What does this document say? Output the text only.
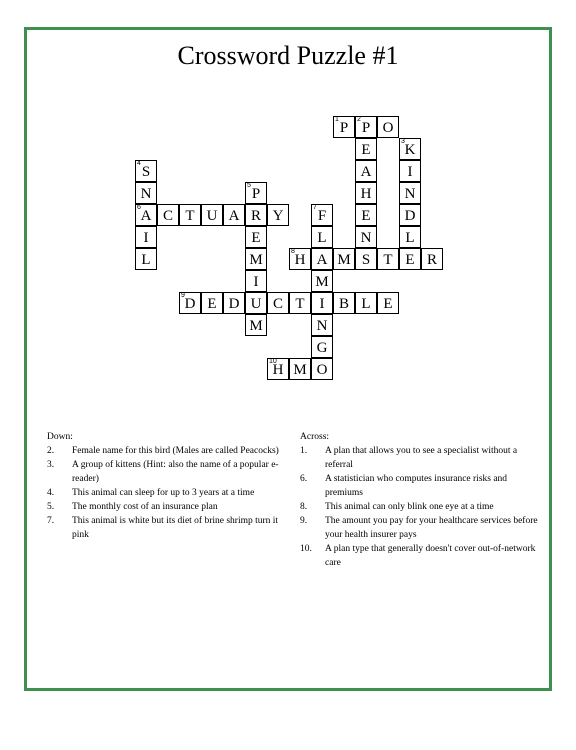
Crossword Puzzle #1
1
P
2
P O
E
A
H
E
N
3
K
I
N
D
L
4
S
N
I
L
6
A C T U A R Y
5
P
E
M
I
U
M
7
F
L
M
I
N
G
O
8
H A M S T E R
9
D E D	C T	B L E
10
H M
Down:
2. Female name for this bird (Males are called Peacocks)
3. A group of kittens (Hint: also the name of a popular e-reader)
4. This animal can sleep for up to 3 years at a time
5. The monthly cost of an insurance plan
7. This animal is white but its diet of brine shrimp turn it pink
Across:
1. A plan that allows you to see a specialist without a referral
6. A statistician who computes insurance risks and premiums
8. This animal can only blink one eye at a time
9. The amount you pay for your healthcare services before your health insurer pays
10. A plan type that generally doesn't cover out-of-network care
